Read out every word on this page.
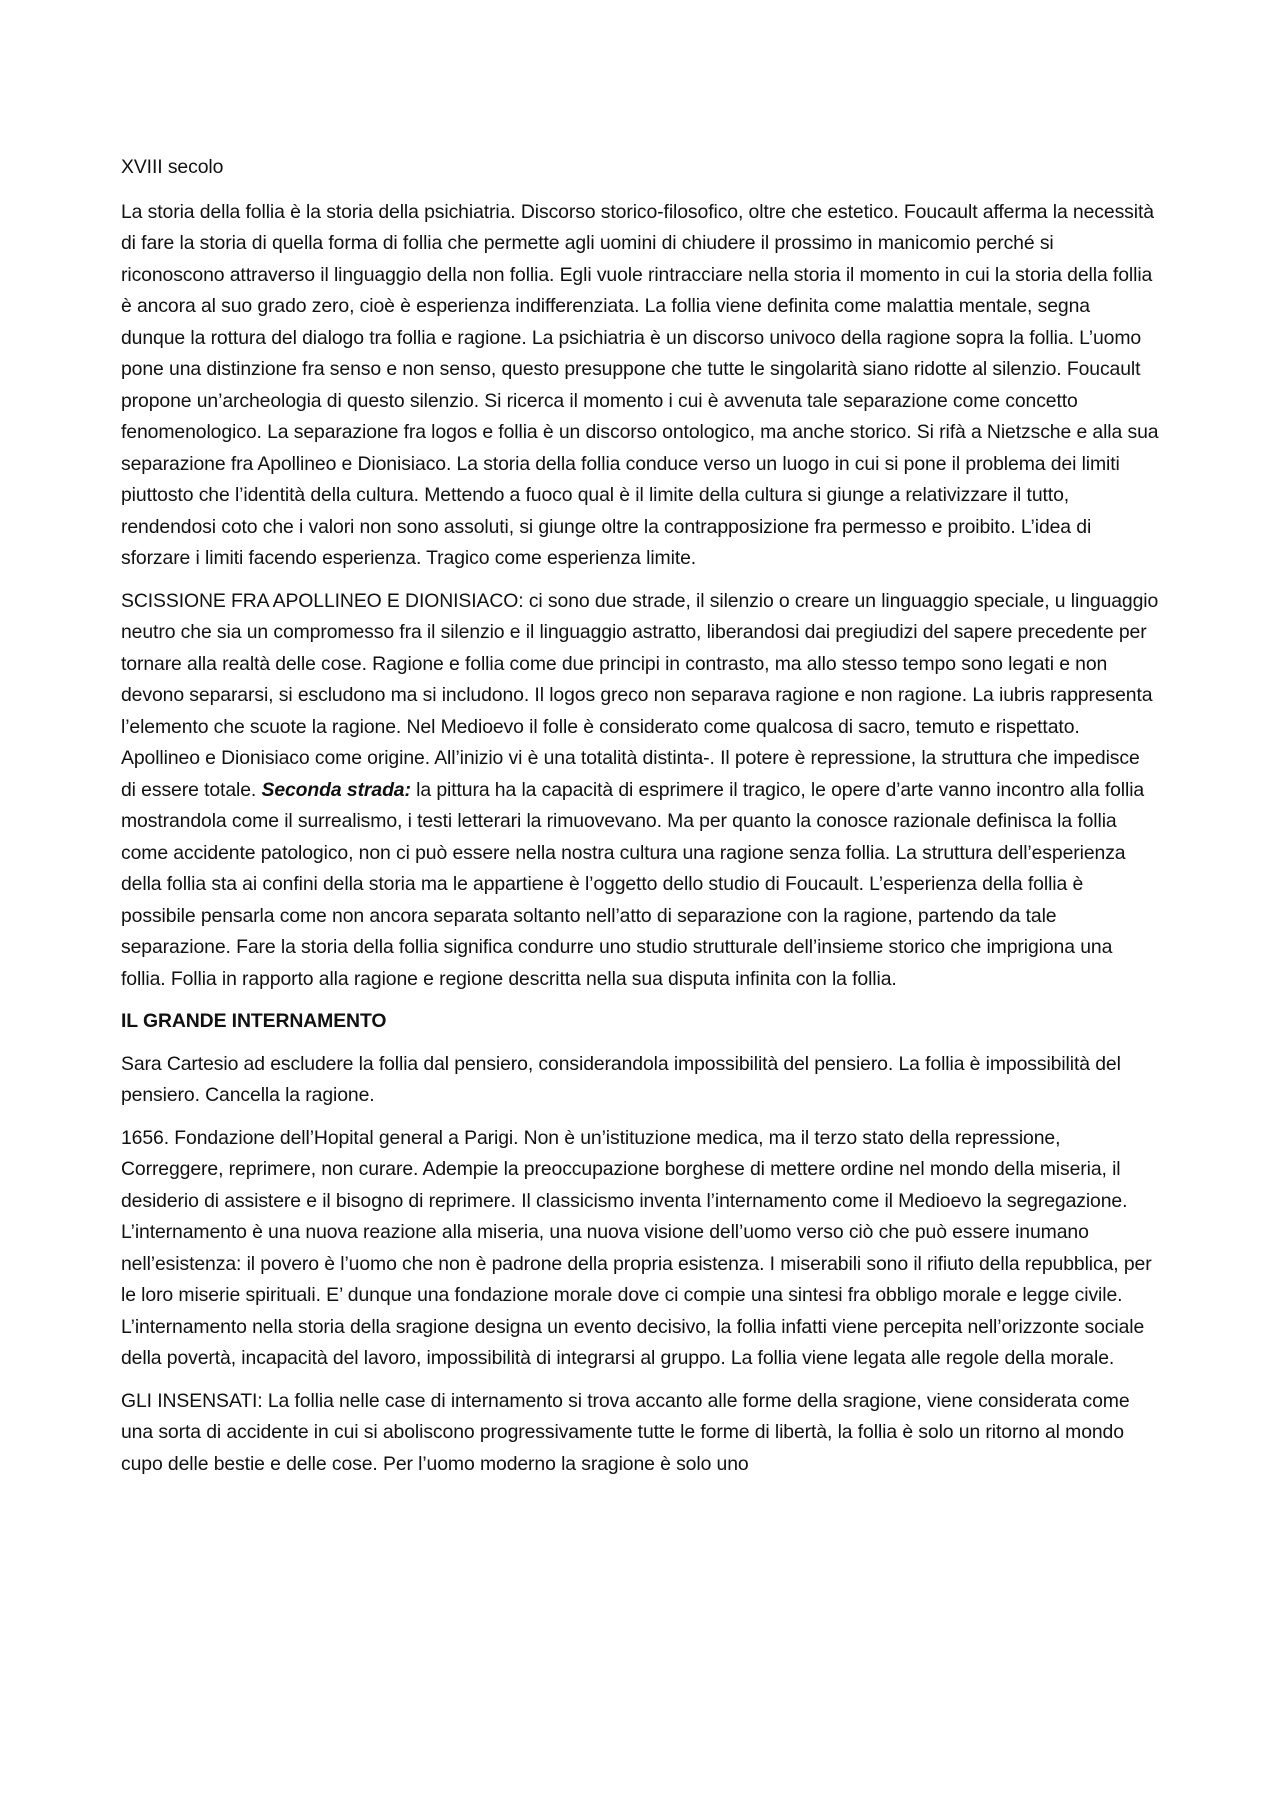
XVIII secolo

La storia della follia è la storia della psichiatria. Discorso storico-filosofico, oltre che estetico. Foucault afferma la necessità di fare la storia di quella forma di follia che permette agli uomini di chiudere il prossimo in manicomio perché si riconoscono attraverso il linguaggio della non follia. Egli vuole rintracciare nella storia il momento in cui la storia della follia è ancora al suo grado zero, cioè è esperienza indifferenziata. La follia viene definita come malattia mentale, segna dunque la rottura del dialogo tra follia e ragione. La psichiatria è un discorso univoco della ragione sopra la follia. L’uomo pone una distinzione fra senso e non senso, questo presuppone che tutte le singolarità siano ridotte al silenzio. Foucault propone un’archeologia di questo silenzio. Si ricerca il momento i cui è avvenuta tale separazione come concetto fenomenologico. La separazione fra logos e follia è un discorso ontologico, ma anche storico. Si rifà a Nietzsche e alla sua separazione fra Apollineo e Dionisiaco. La storia della follia conduce verso un luogo in cui si pone il problema dei limiti piuttosto che l’identità della cultura. Mettendo a fuoco qual è il limite della cultura si giunge a relativizzare il tutto, rendendosi coto che i valori non sono assoluti, si giunge oltre la contrapposizione fra permesso e proibito. L’idea di sforzare i limiti facendo esperienza. Tragico come esperienza limite.

SCISSIONE FRA APOLLINEO E DIONISIACO: ci sono due strade, il silenzio o creare un linguaggio speciale, u linguaggio neutro che sia un compromesso fra il silenzio e il linguaggio astratto, liberandosi dai pregiudizi del sapere precedente per tornare alla realtà delle cose. Ragione e follia come due principi in contrasto, ma allo stesso tempo sono legati e non devono separarsi, si escludono ma si includono. Il logos greco non separava ragione e non ragione. La iubris rappresenta l’elemento che scuote la ragione. Nel Medioevo il folle è considerato come qualcosa di sacro, temuto e rispettato. Apollineo e Dionisiaco come origine. All’inizio vi è una totalità distinta-. Il potere è repressione, la struttura che impedisce di essere totale. Seconda strada: la pittura ha la capacità di esprimere il tragico, le opere d’arte vanno incontro alla follia mostrandola come il surrealismo, i testi letterari la rimuovevano. Ma per quanto la conosce razionale definisca la follia come accidente patologico, non ci può essere nella nostra cultura una ragione senza follia. La struttura dell’esperienza della follia sta ai confini della storia ma le appartiene è l’oggetto dello studio di Foucault. L’esperienza della follia è possibile pensarla come non ancora separata soltanto nell’atto di separazione con la ragione, partendo da tale separazione. Fare la storia della follia significa condurre uno studio strutturale dell’insieme storico che imprigiona una follia. Follia in rapporto alla ragione e regione descritta nella sua disputa infinita con la follia.

IL GRANDE INTERNAMENTO

Sara Cartesio ad escludere la follia dal pensiero, considerandola impossibilità del pensiero. La follia è impossibilità del pensiero. Cancella la ragione.

1656. Fondazione dell’Hopital general a Parigi. Non è un’istituzione medica, ma il terzo stato della repressione, Correggere, reprimere, non curare. Adempie la preoccupazione borghese di mettere ordine nel mondo della miseria, il desiderio di assistere e il bisogno di reprimere. Il classicismo inventa l’internamento come il Medioevo la segregazione. L’internamento è una nuova reazione alla miseria, una nuova visione dell’uomo verso ciò che può essere inumano nell’esistenza: il povero è l’uomo che non è padrone della propria esistenza. I miserabili sono il rifiuto della repubblica, per le loro miserie spirituali. E’ dunque una fondazione morale dove ci compie una sintesi fra obbligo morale e legge civile. L’internamento nella storia della sragione designa un evento decisivo, la follia infatti viene percepita nell’orizzonte sociale della povertà, incapacità del lavoro, impossibilità di integrarsi al gruppo. La follia viene legata alle regole della morale.

GLI INSENSATI: La follia nelle case di internamento si trova accanto alle forme della sragione, viene considerata come una sorta di accidente in cui si aboliscono progressivamente tutte le forme di libertà, la follia è solo un ritorno al mondo cupo delle bestie e delle cose. Per l’uomo moderno la sragione è solo uno
